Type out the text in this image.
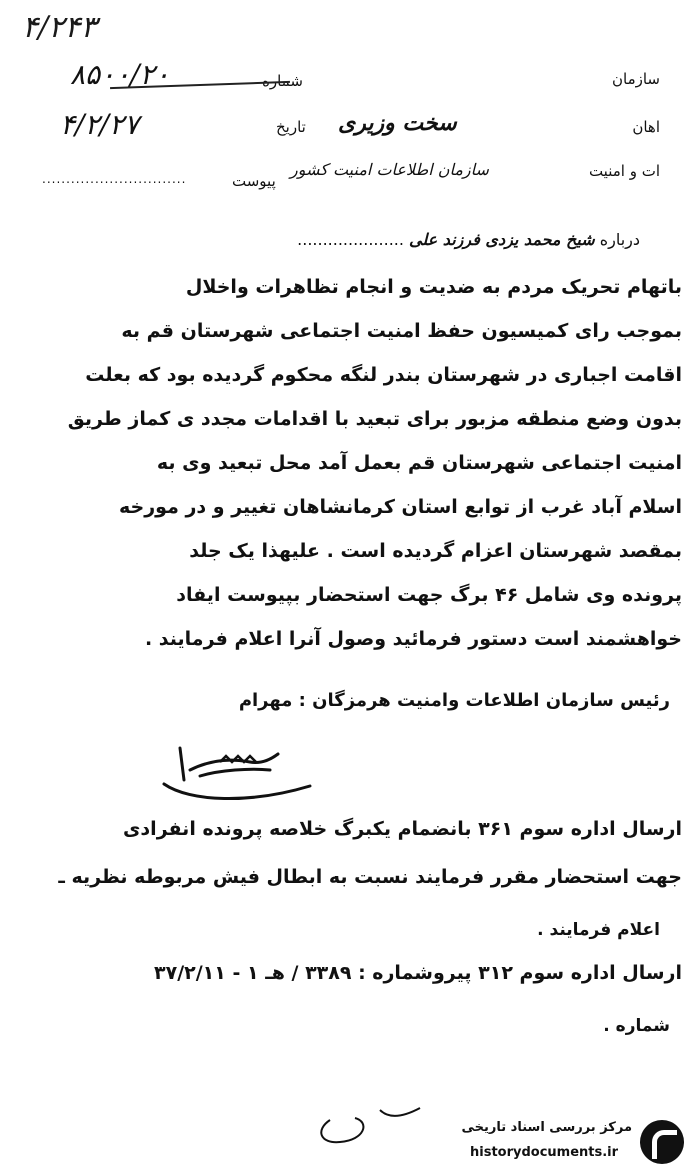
۴/۲۴۳
سازمان
شماره
۸۵۰۰/۲۰
اهان
تاریخ
۴/۲/۲۷	سخت وزیری
ات و امنیت
سازمان اطلاعات امنیت کشور
پیوست
..............................
درباره شیخ محمد یزدی فرزند علی .....................
باتهام تحریک مردم به ضدیت و انجام تظاهرات واخلال
بموجب رای کمیسیون حفظ امنیت اجتماعی شهرستان قم به
اقامت اجباری در شهرستان بندر لنگه محکوم گردیده بود که بعلت
بدون وضع منطقه مزبور برای تبعید با اقدامات مجدد ی کماز طریق
امنیت اجتماعی شهرستان قم بعمل آمد محل تبعید وی به
اسلام آباد غرب از توابع استان کرمانشاهان تغییر و در مورخه
بمقصد شهرستان اعزام گردیده است . علیهذا یک جلد
پرونده وی شامل ۴۶ برگ جهت استحضار بپیوست ایفاد
خواهشمند است دستور فرمائید وصول آنرا اعلام فرمایند .
رئیس سازمان اطلاعات وامنیت هرمزگان : مهرام
ارسال اداره سوم ۳۶۱ بانضمام یکبرگ خلاصه پرونده انفرادی
جهت استحضار مقرر فرمایند نسبت به ابطال فیش مربوطه نظریه ـ
اعلام فرمایند .
ارسال اداره سوم ۳۱۲ پیروشماره : ۳۳۸۹ / هـ ۱ - ۳۷/۲/۱۱
شماره .
مرکز بررسی اسناد تاریخی
historydocuments.ir
